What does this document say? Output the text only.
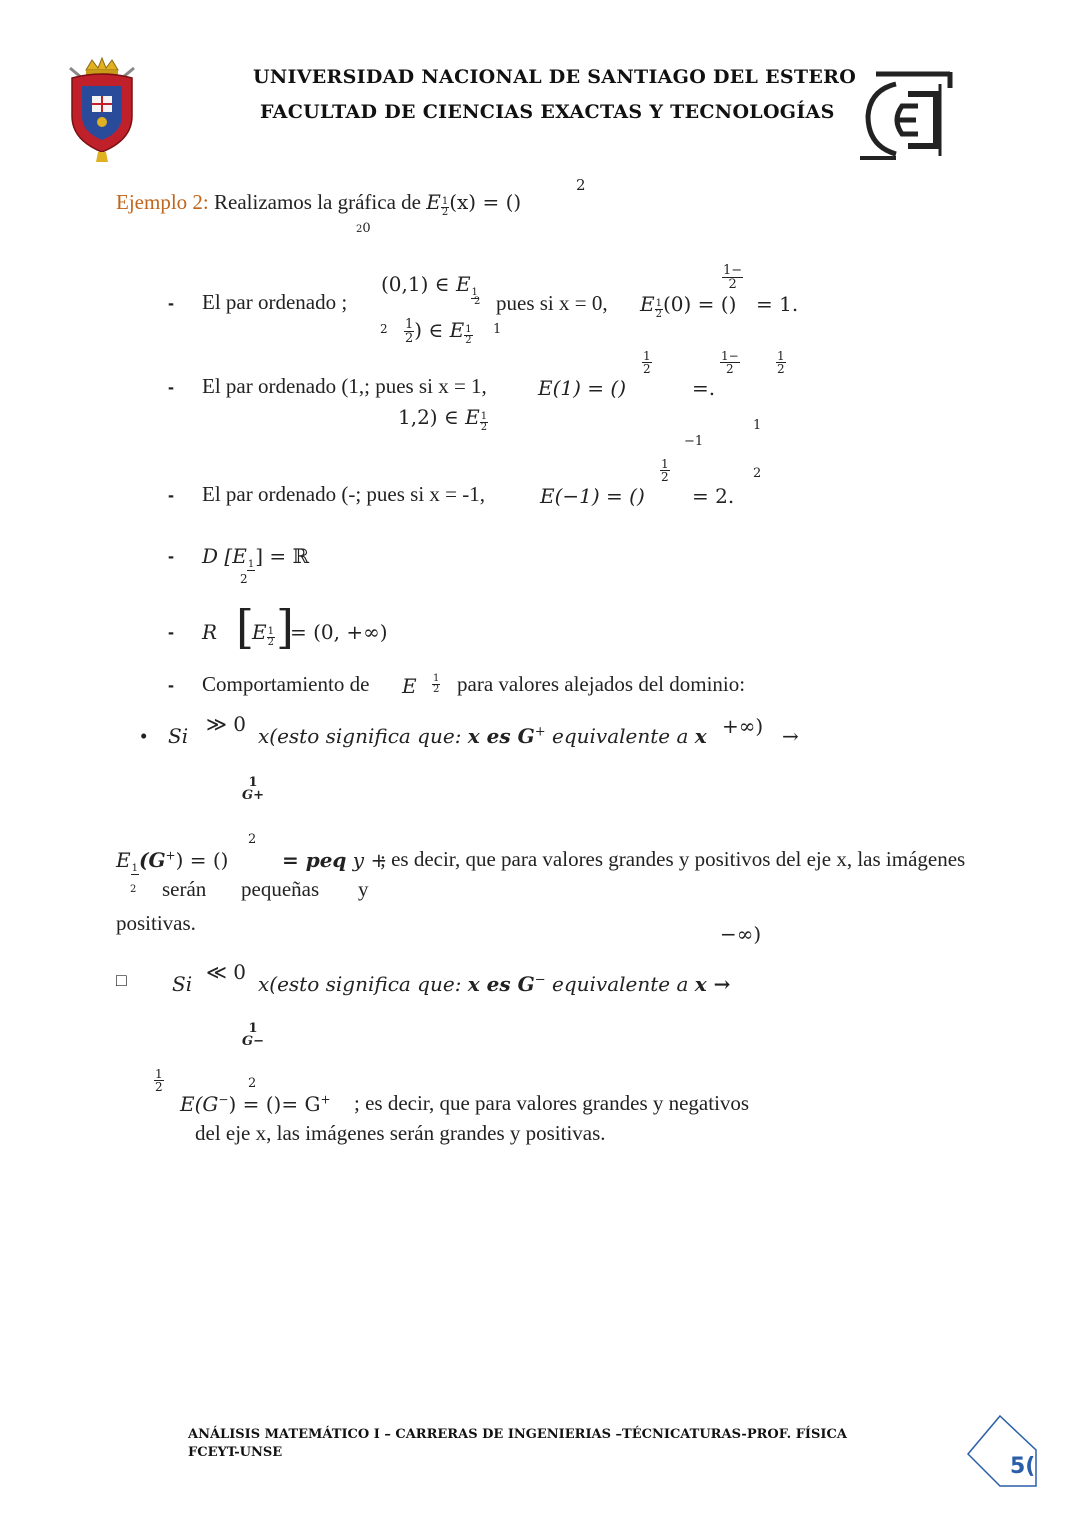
UNIVERSIDAD NACIONAL DE SANTIAGO DEL ESTERO
FACULTAD DE CIENCIAS EXACTAS Y TECNOLOGÍAS
Ejemplo 2: Realizamos la gráfica de E $\frac{1}{2} (x)$ = ()
2
20
- El par ordenado ;
(0,1) ∈ E 1
2 pues si x = 0, E $\frac{1}{2} (0)$ = ()
$\frac{1-}{2}$
= 1.
$2 \frac{1}{2}$ ) ∈ E $\frac{1}{2} 1$
$\frac{1}{2}$	$\frac{1-}{2}$	$\frac{1}{2}$
- El par ordenado (1,; pues si x = 1,	E(1) = ()	=.
1,2) ∈ E $\frac{1}{2}$	1
−1
$\frac{1}{2}$	2
- El par ordenado (-; pues si x = -1,	E(−1) = () = 2.
- D [E 1 ] = ℝ
2
- R [
E $\frac{1}{2}$ ]
= (0, +∞)
- Comportamiento de E $\frac{1}{2}$ para valores alejados del dominio:
• Si ≫ 0 x(esto significa que: x es G+ equivalente a x +∞) →
1
G+
2
E 1 (G+) = ()	= peq y +
; es decir, que para valores grandes y positivos del eje x, las imágenes
2 serán pequeñas y
positivas.	−∞)
□ Si ≪ 0 x(esto significa que: x es G− equivalente a x →
1
G−
$\frac{1}{2}$	2
E(G−) = ()= G+ ; es decir, que para valores grandes y negativos
del eje x, las imágenes serán grandes y positivas.
ANÁLISIS MATEMÁTICO I – CARRERAS DE INGENIERIAS –TÉCNICATURAS-PROF. FÍSICA
FCEYT-UNSE
5(
